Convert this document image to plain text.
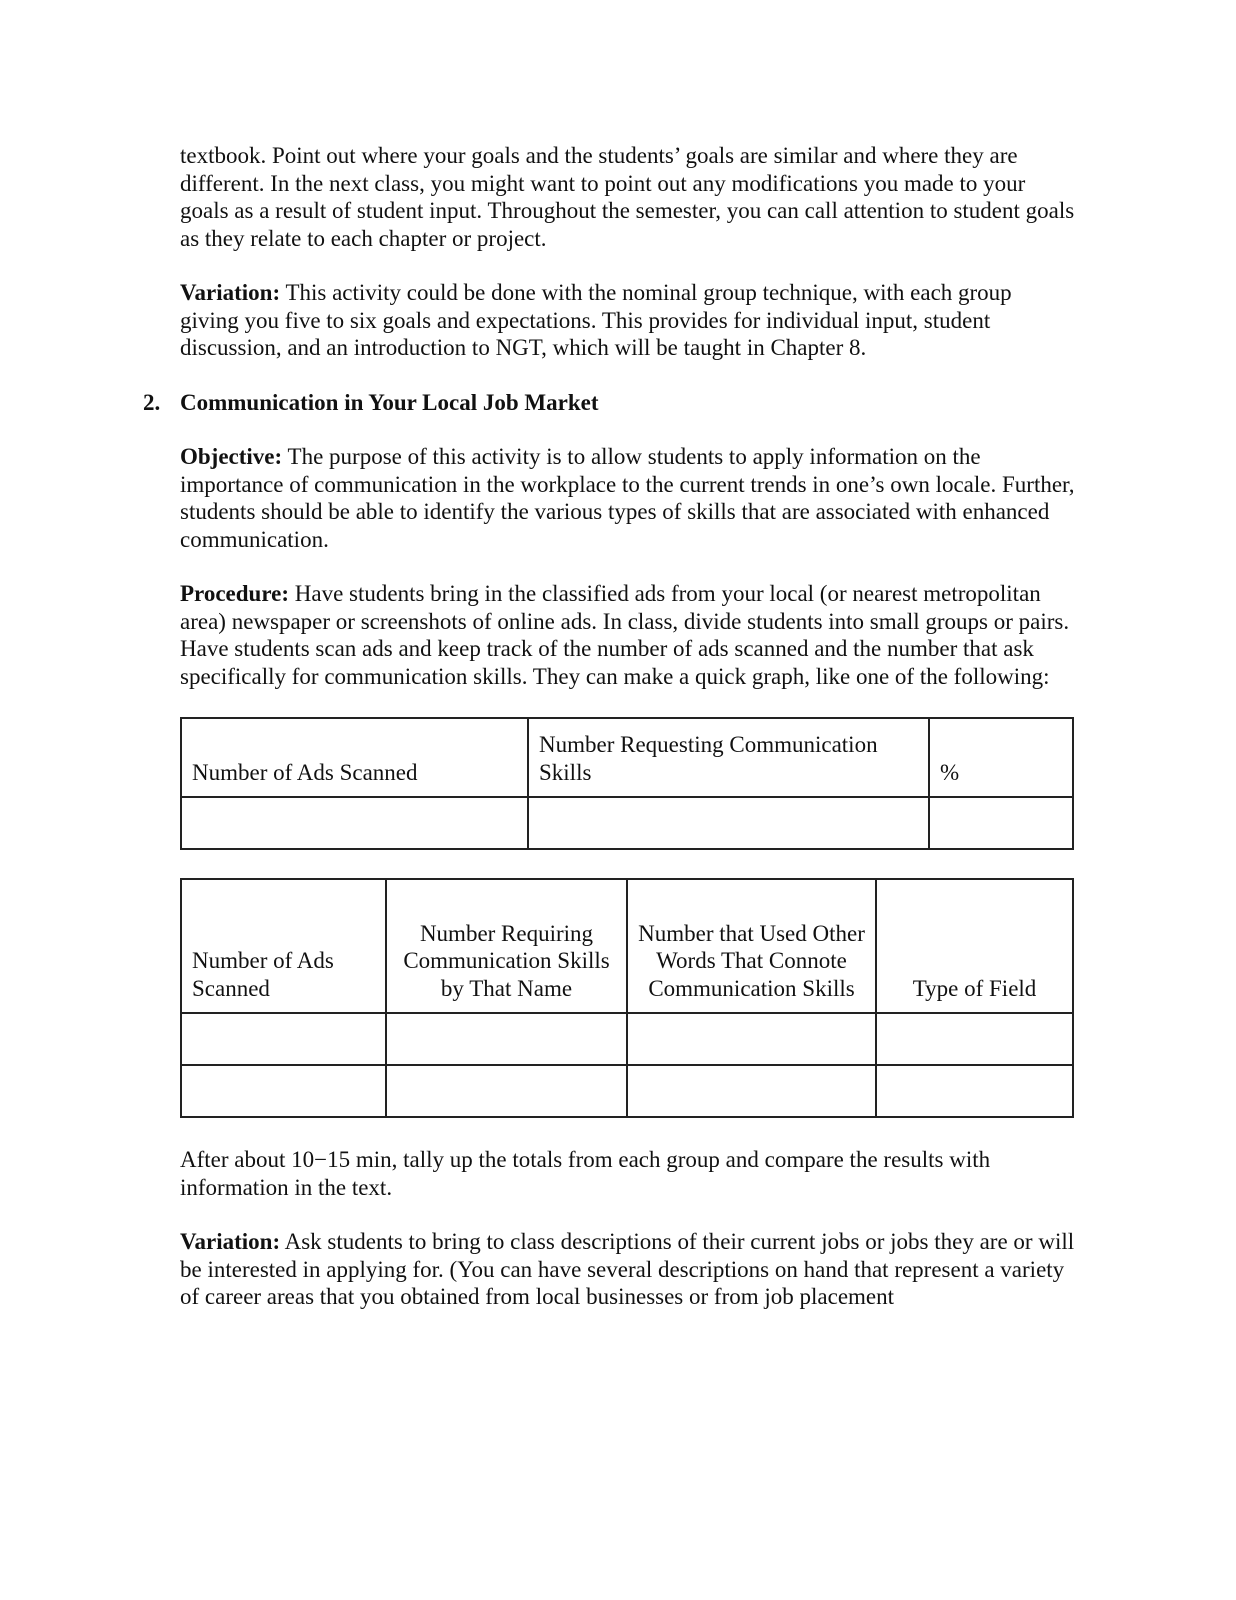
textbook. Point out where your goals and the students’ goals are similar and where they are different. In the next class, you might want to point out any modifications you made to your goals as a result of student input. Throughout the semester, you can call attention to student goals as they relate to each chapter or project.

Variation: This activity could be done with the nominal group technique, with each group giving you five to six goals and expectations. This provides for individual input, student discussion, and an introduction to NGT, which will be taught in Chapter 8.

2. Communication in Your Local Job Market

Objective: The purpose of this activity is to allow students to apply information on the importance of communication in the workplace to the current trends in one’s own locale. Further, students should be able to identify the various types of skills that are associated with enhanced communication.

Procedure: Have students bring in the classified ads from your local (or nearest metropolitan area) newspaper or screenshots of online ads. In class, divide students into small groups or pairs. Have students scan ads and keep track of the number of ads scanned and the number that ask specifically for communication skills. They can make a quick graph, like one of the following:

Number of Ads Scanned	Number Requesting Communication Skills	%

Number of Ads Scanned	Number Requiring Communication Skills by That Name	Number that Used Other Words That Connote Communication Skills	Type of Field

After about 10−15 min, tally up the totals from each group and compare the results with information in the text.

Variation: Ask students to bring to class descriptions of their current jobs or jobs they are or will be interested in applying for. (You can have several descriptions on hand that represent a variety of career areas that you obtained from local businesses or from job placement
